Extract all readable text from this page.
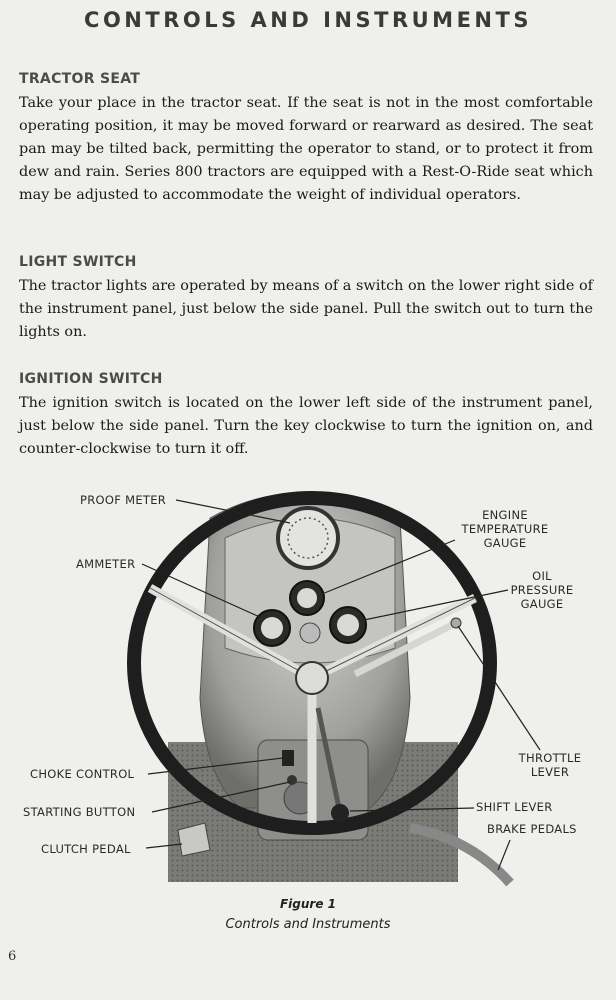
CONTROLS AND INSTRUMENTS
TRACTOR SEAT

Take your place in the tractor seat. If the seat is not in the most comfortable operating position, it may be moved forward or rearward as desired. The seat pan may be tilted back, permitting the operator to stand, or to protect it from dew and rain. Series 800 tractors are equipped with a Rest-O-Ride seat which may be adjusted to accommodate the weight of individual operators.

LIGHT SWITCH

The tractor lights are operated by means of a switch on the lower right side of the instrument panel, just below the side panel. Pull the switch out to turn the lights on.

IGNITION SWITCH

The ignition switch is located on the lower left side of the instrument panel, just below the side panel. Turn the key clockwise to turn the ignition on, and counter-clockwise to turn it off.

PROOF METER
AMMETER
ENGINE
TEMPERATURE
GAUGE
OIL
PRESSURE
GAUGE
THROTTLE
LEVER
CHOKE CONTROL
STARTING BUTTON
CLUTCH PEDAL
SHIFT LEVER
BRAKE PEDALS
Figure 1
Controls and Instruments
6
